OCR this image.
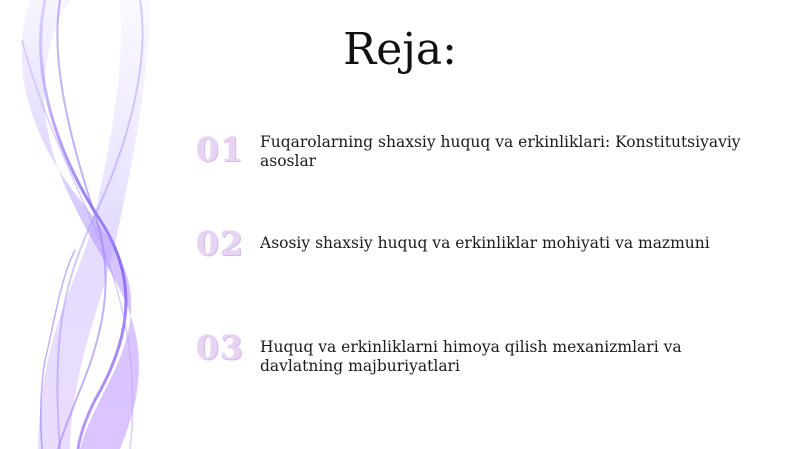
Reja:
01	Fuqarolarning shaxsiy huquq va erkinliklari: Konstitutsiyaviy asoslar
02	Asosiy shaxsiy huquq va erkinliklar mohiyati va mazmuni
03	Huquq va erkinliklarni himoya qilish mexanizmlari va davlatning majburiyatlari
